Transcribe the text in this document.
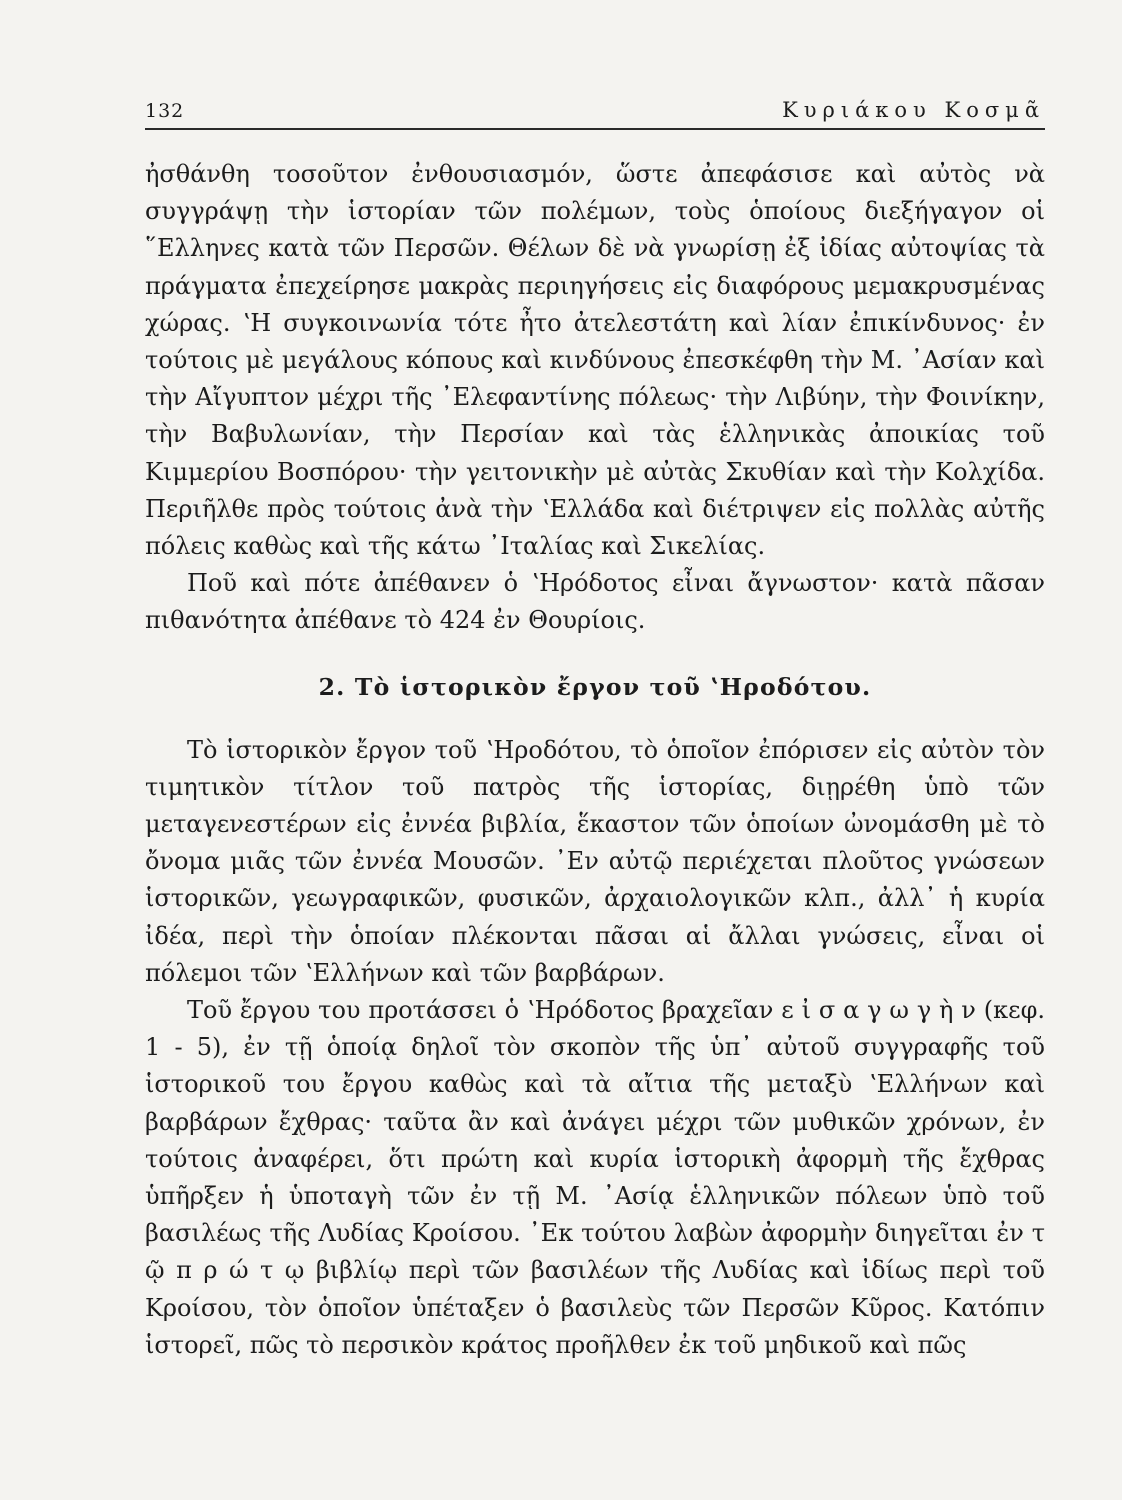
132	Κυριάκου Κοσμᾶ

ἠσθάνθη τοσοῦτον ἐνθουσιασμόν, ὥστε ἀπεφάσισε καὶ αὐτὸς νὰ συγγράψῃ τὴν ἱστορίαν τῶν πολέμων, τοὺς ὁποίους διεξήγαγον οἱ ῞Ελληνες κατὰ τῶν Περσῶν. Θέλων δὲ νὰ γνωρίσῃ ἐξ ἰδίας αὐτοψίας τὰ πράγματα ἐπεχείρησε μακρὰς περιηγήσεις εἰς διαφόρους μεμακρυσμένας χώρας. ʽΗ συγκοινωνία τότε ἦτο ἀτελεστάτη καὶ λίαν ἐπικίνδυνος· ἐν τούτοις μὲ μεγάλους κόπους καὶ κινδύνους ἐπεσκέφθη τὴν Μ. ᾿Ασίαν καὶ τὴν Αἴγυπτον μέχρι τῆς ᾿Ελεφαντίνης πόλεως· τὴν Λιβύην, τὴν Φοινίκην, τὴν Βαβυλωνίαν, τὴν Περσίαν καὶ τὰς ἑλληνικὰς ἀποικίας τοῦ Κιμμερίου Βοσπόρου· τὴν γειτονικὴν μὲ αὐτὰς Σκυθίαν καὶ τὴν Κολχίδα. Περιῆλθε πρὸς τούτοις ἀνὰ τὴν ʽΕλλάδα καὶ διέτριψεν εἰς πολλὰς αὐτῆς πόλεις καθὼς καὶ τῆς κάτω ᾿Ιταλίας καὶ Σικελίας.

Ποῦ καὶ πότε ἀπέθανεν ὁ ʽΗρόδοτος εἶναι ἄγνωστον· κατὰ πᾶσαν πιθανότητα ἀπέθανε τὸ 424 ἐν Θουρίοις.

2. Τὸ ἱστορικὸν ἔργον τοῦ ʽΗροδότου.

Τὸ ἱστορικὸν ἔργον τοῦ ʽΗροδότου, τὸ ὁποῖον ἐπόρισεν εἰς αὐτὸν τὸν τιμητικὸν τίτλον τοῦ πατρὸς τῆς ἱστορίας, διῃρέθη ὑπὸ τῶν μεταγενεστέρων εἰς ἐννέα βιβλία, ἕκαστον τῶν ὁποίων ὠνομάσθη μὲ τὸ ὄνομα μιᾶς τῶν ἐννέα Μουσῶν. ᾿Εν αὐτῷ περιέχεται πλοῦτος γνώσεων ἱστορικῶν, γεωγραφικῶν, φυσικῶν, ἀρχαιολογικῶν κλπ., ἀλλ᾿ ἡ κυρία ἰδέα, περὶ τὴν ὁποίαν πλέκονται πᾶσαι αἱ ἄλλαι γνώσεις, εἶναι οἱ πόλεμοι τῶν ʽΕλλήνων καὶ τῶν βαρβάρων.

Τοῦ ἔργου του προτάσσει ὁ ʽΗρόδοτος βραχεῖαν ε ἰ σ α γ ω γ ὴ ν (κεφ. 1 - 5), ἐν τῇ ὁποίᾳ δηλοῖ τὸν σκοπὸν τῆς ὑπ᾿ αὐτοῦ συγγραφῆς τοῦ ἱστορικοῦ του ἔργου καθὼς καὶ τὰ αἴτια τῆς μεταξὺ ʽΕλλήνων καὶ βαρβάρων ἔχθρας· ταῦτα ἂν καὶ ἀνάγει μέχρι τῶν μυθικῶν χρόνων, ἐν τούτοις ἀναφέρει, ὅτι πρώτη καὶ κυρία ἱστορικὴ ἀφορμὴ τῆς ἔχθρας ὑπῆρξεν ἡ ὑποταγὴ τῶν ἐν τῇ Μ. ᾿Ασίᾳ ἑλληνικῶν πόλεων ὑπὸ τοῦ βασιλέως τῆς Λυδίας Κροίσου. ᾿Εκ τούτου λαβὼν ἀφορμὴν διηγεῖται ἐν τ ῷ π ρ ώ τ ῳ βιβλίῳ περὶ τῶν βασιλέων τῆς Λυδίας καὶ ἰδίως περὶ τοῦ Κροίσου, τὸν ὁποῖον ὑπέταξεν ὁ βασιλεὺς τῶν Περσῶν Κῦρος. Κατόπιν ἱστορεῖ, πῶς τὸ περσικὸν κράτος προῆλθεν ἐκ τοῦ μηδικοῦ καὶ πῶς
